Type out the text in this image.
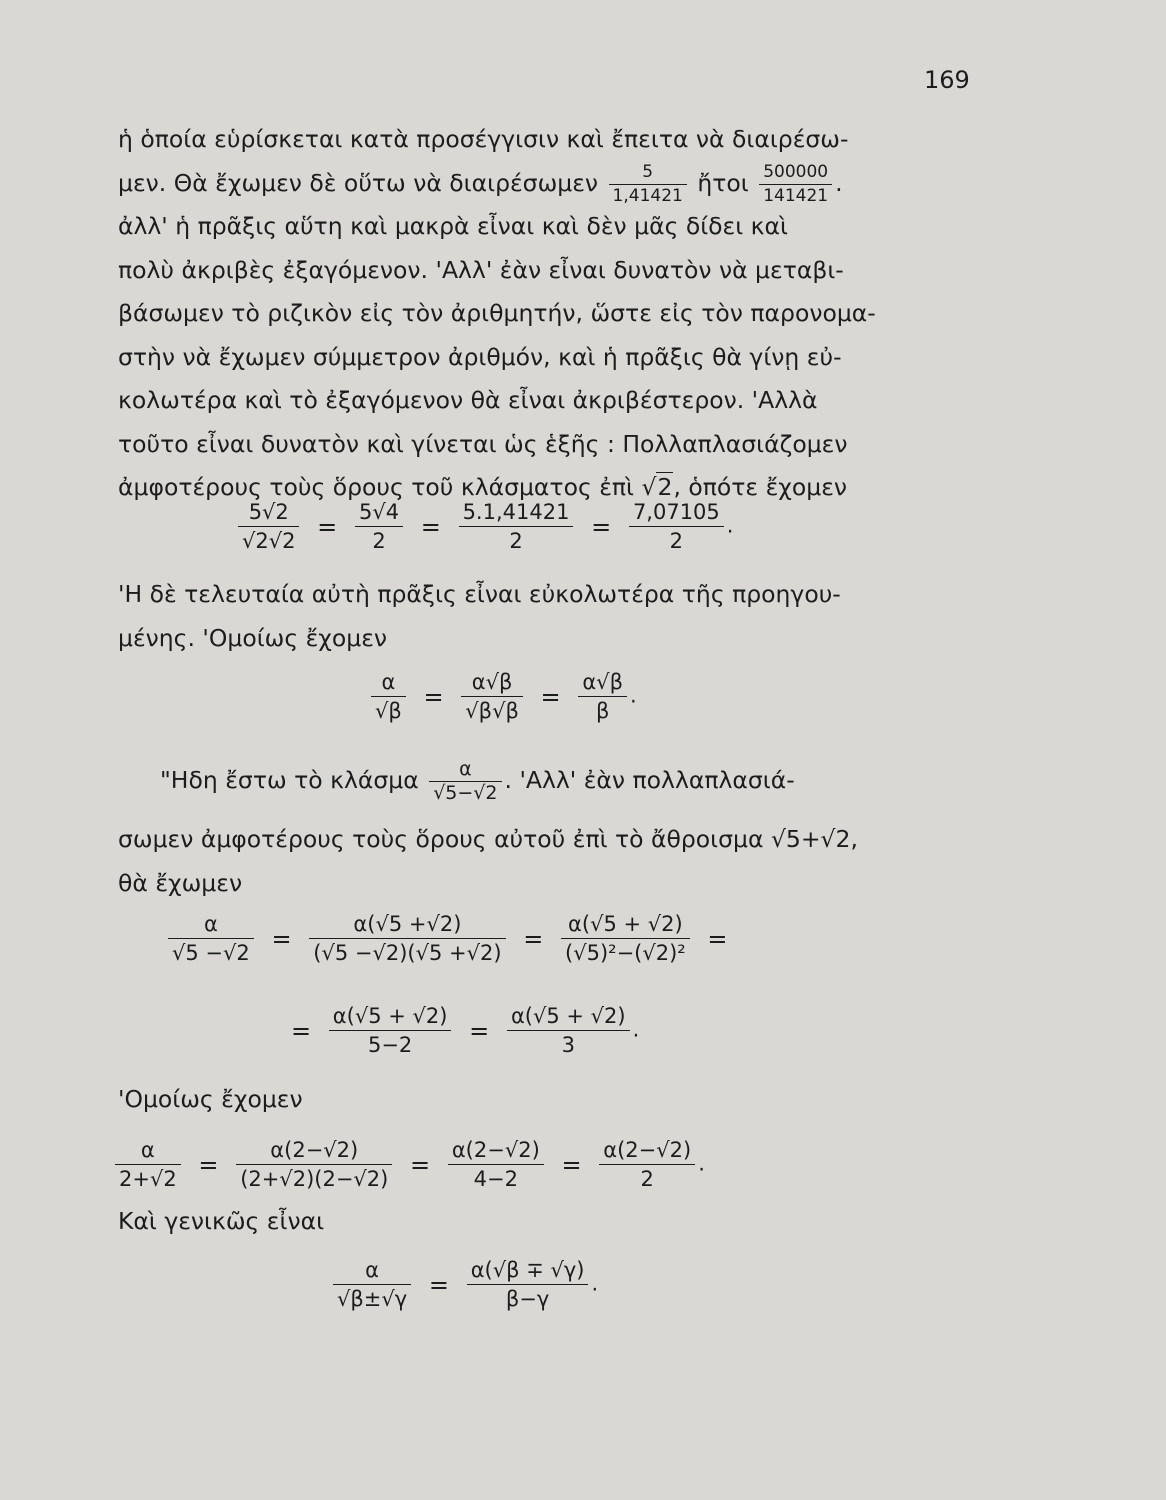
169
ἡ ὁποία εὑρίσκεται κατὰ προσέγγισιν καὶ ἔπειτα νὰ διαιρέσω-
μεν. Θὰ ἔχωμεν δὲ οὕτω νὰ διαιρέσωμεν $\frac{5}{1,41421}$ ἤτοι $\frac{500000}{141421}$ .
ἀλλ' ἡ πρᾶξις αὕτη καὶ μακρὰ εἶναι καὶ δὲν μᾶς δίδει καὶ
πολὺ ἀκριβὲς ἐξαγόμενον. 'Αλλ' ἐὰν εἶναι δυνατὸν νὰ μεταβι-
βάσωμεν τὸ ριζικὸν εἰς τὸν ἀριθμητήν, ὥστε εἰς τὸν παρονομα-
στὴν νὰ ἔχωμεν σύμμετρον ἀριθμόν, καὶ ἡ πρᾶξις θὰ γίνῃ εὐ-
κολωτέρα καὶ τὸ ἐξαγόμενον θὰ εἶναι ἀκριβέστερον. 'Αλλὰ
τοῦτο εἶναι δυνατὸν καὶ γίνεται ὡς ἑξῆς : Πολλαπλασιάζομεν
ἀμφοτέρους τοὺς ὅρους τοῦ κλάσματος ἐπὶ √2, ὁπότε ἔχομεν
$\frac{5√2}{√2√2} = \frac{5√4}{2} = \frac{5.1,41421}{2} = \frac{7,07105}{2}$ .
'Η δὲ τελευταία αὐτὴ πρᾶξις εἶναι εὐκολωτέρα τῆς προηγου-
μένης. 'Ομοίως ἔχομεν
$\frac{\alpha}{√\beta} = \frac{\alpha√\beta}{√\beta√\beta} = \frac{\alpha√\beta}{\beta}$ .
"Ηδη ἔστω τὸ κλάσμα $\frac{\alpha}{√5-√2}$ . 'Αλλ' ἐὰν πολλαπλασιά-
σωμεν ἀμφοτέρους τοὺς ὅρους αὐτοῦ ἐπὶ τὸ ἄθροισμα √5+√2,
θὰ ἔχωμεν
$\frac{\alpha}{√5 -√2} = \frac{\alpha(√5 +√2)}{(√5 -√2)(√5 +√2)} = \frac{\alpha(√5 + √2)}{\text{(√5)²−(√2)²}}$ =
= $\frac{\alpha(√5 + √2)}{5-2} = \frac{\alpha(√5 + √2)}{3}$ .
'Ομοίως ἔχομεν
$\frac{\alpha}{2+√2} = \frac{\alpha(2-√2)}{(2+√2)(2-√2)} = \frac{\alpha(2-√2)}{4-2} = \frac{\alpha(2-√2)}{2}$ .
Καὶ γενικῶς εἶναι
$\frac{\alpha}{√\beta\pm√\gamma} = \frac{\alpha(√\beta \mp √\gamma)}{\beta-\gamma}$ .
